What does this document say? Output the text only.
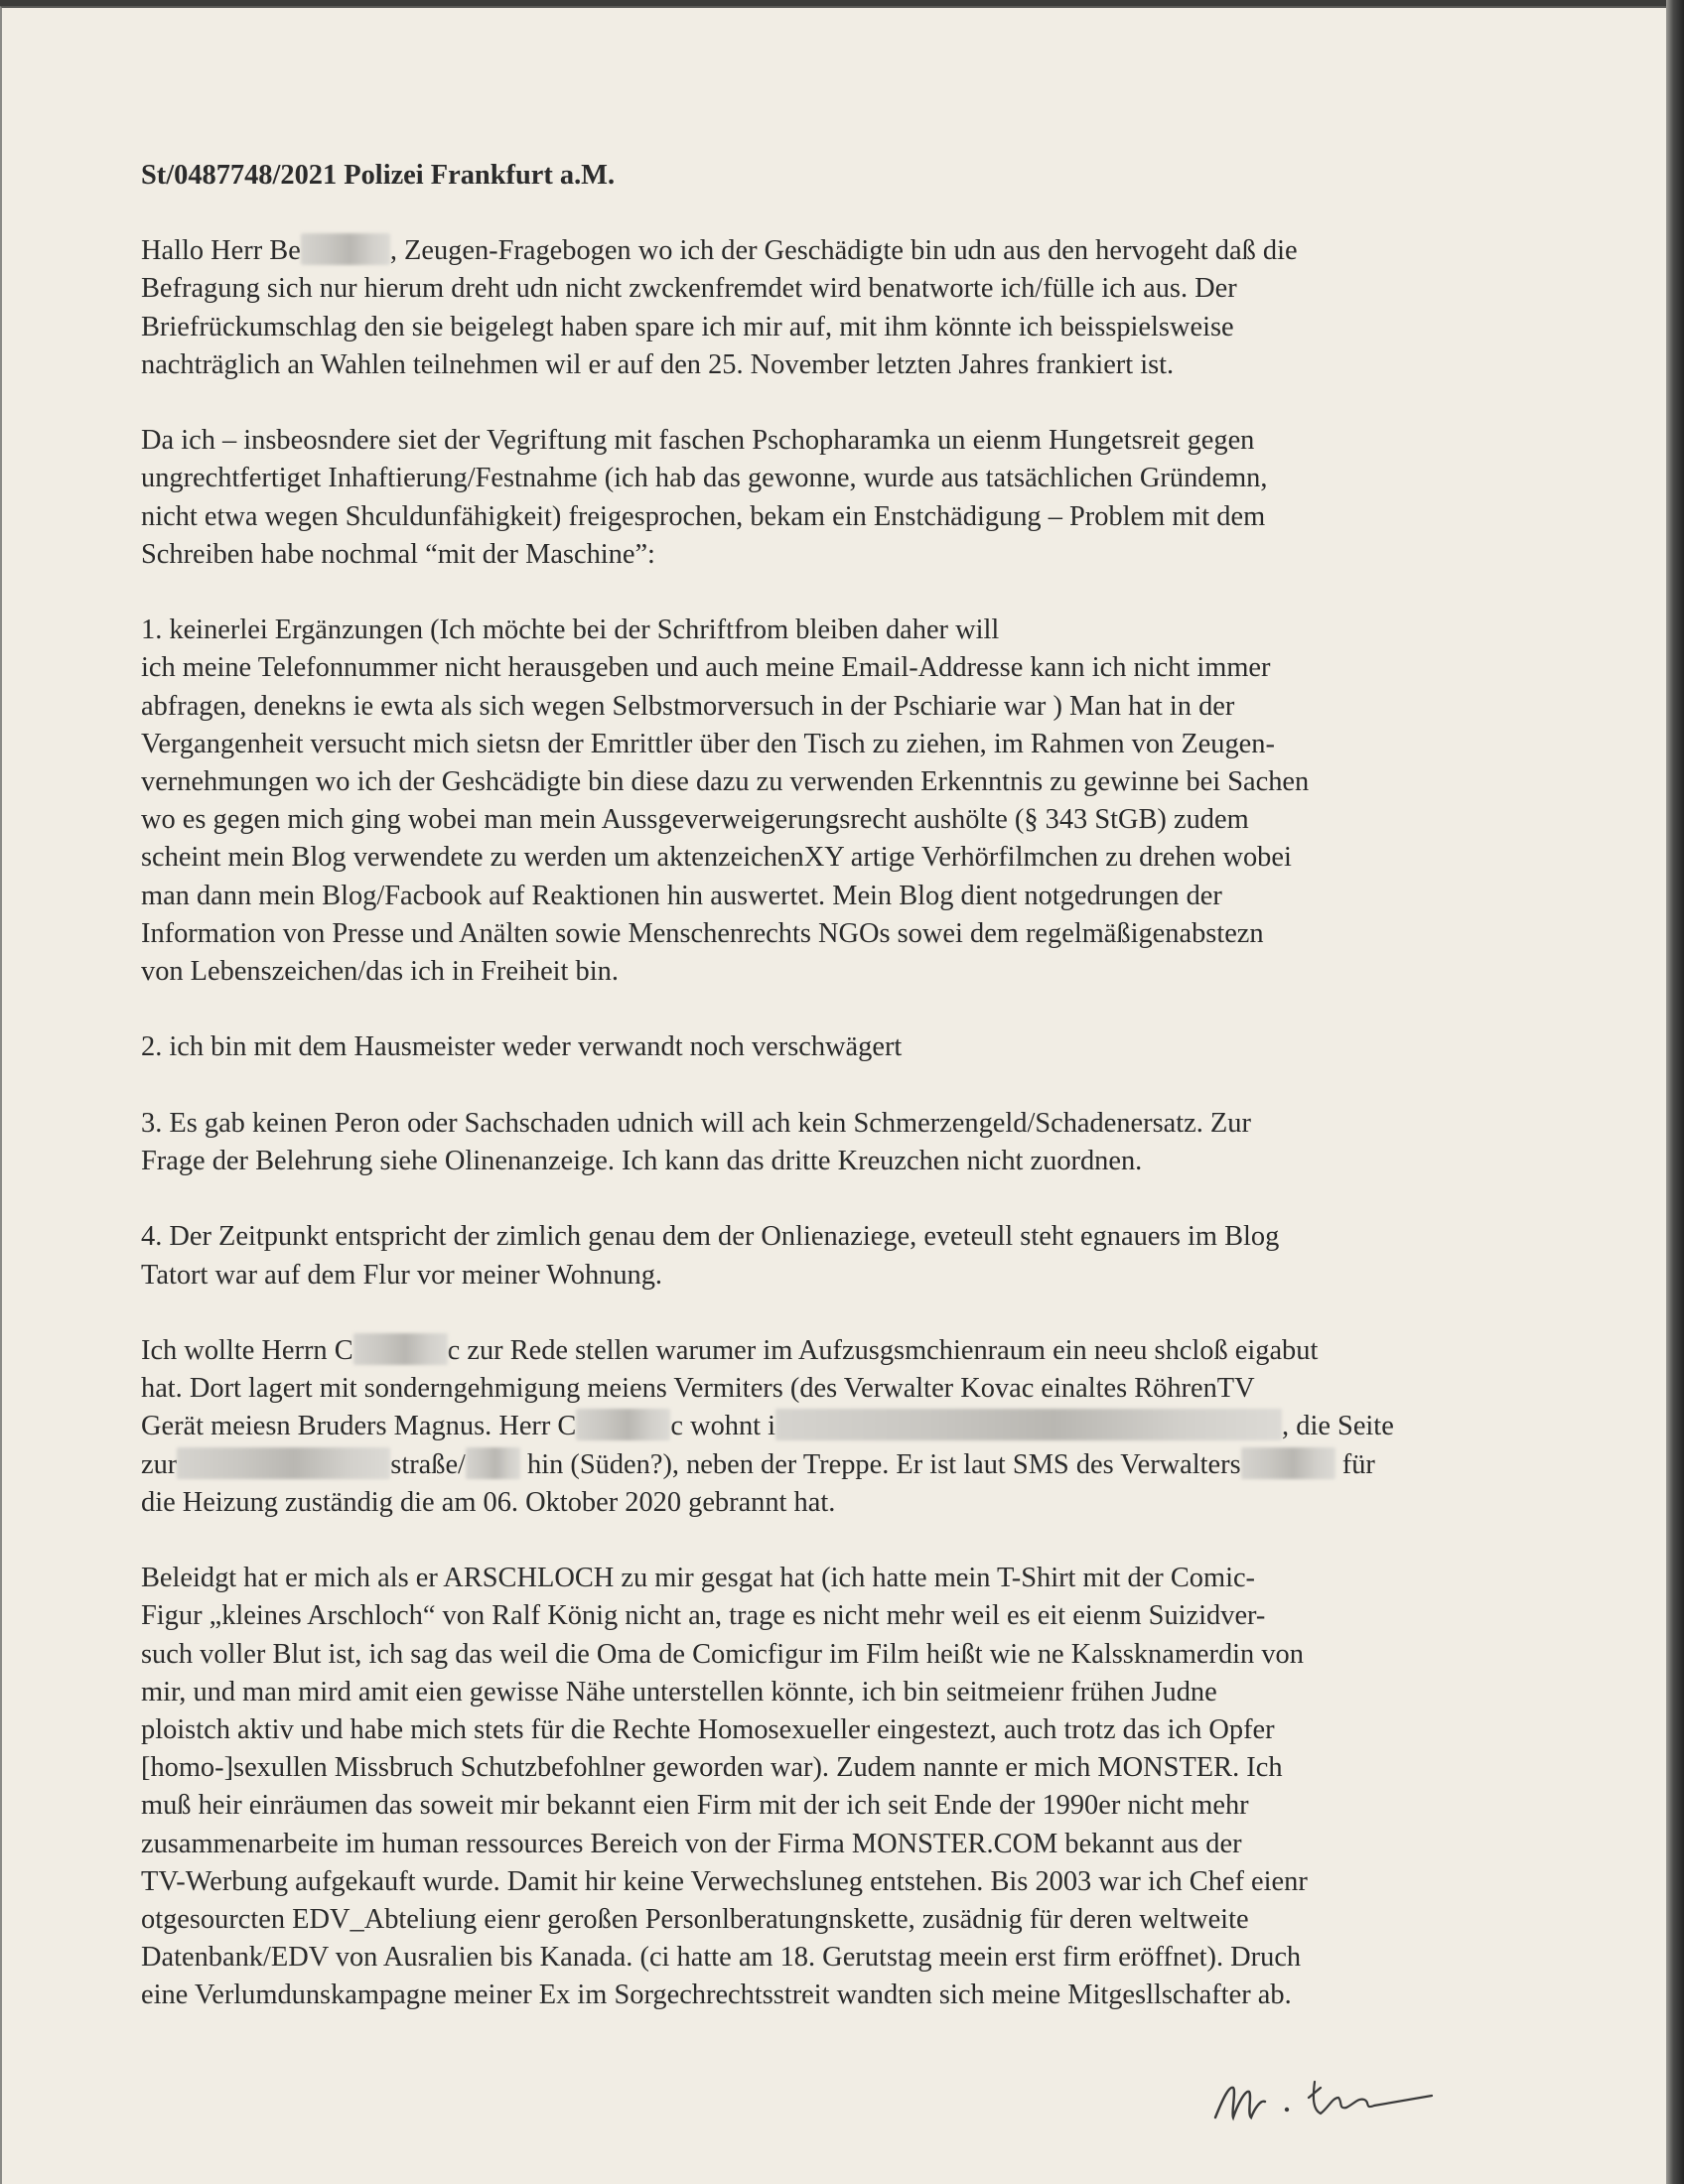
St/0487748/2021 Polizei Frankfurt a.M.
Hallo Herr Be	, Zeugen-Fragebogen wo ich der Geschädigte bin udn aus den hervogeht daß die
Befragung sich nur hierum dreht udn nicht zwckenfremdet wird benatworte ich/fülle ich aus. Der
Briefrückumschlag den sie beigelegt haben spare ich mir auf, mit ihm könnte ich beisspielsweise
nachträglich an Wahlen teilnehmen wil er auf den 25. November letzten Jahres frankiert ist.
Da ich – insbeosndere siet der Vegriftung mit faschen Pschopharamka un eienm Hungetsreit gegen
ungrechtfertiget Inhaftierung/Festnahme (ich hab das gewonne, wurde aus tatsächlichen Gründemn,
nicht etwa wegen Shculdunfähigkeit) freigesprochen, bekam ein Enstchädigung – Problem mit dem
Schreiben habe nochmal “mit der Maschine”:
1. keinerlei Ergänzungen (Ich möchte bei der Schriftfrom bleiben daher will
ich meine Telefonnummer nicht herausgeben und auch meine Email-Addresse kann ich nicht immer
abfragen, denekns ie ewta als sich wegen Selbstmorversuch in der Pschiarie war ) Man hat in der
Vergangenheit versucht mich sietsn der Emrittler über den Tisch zu ziehen, im Rahmen von Zeugen-
vernehmungen wo ich der Geshcädigte bin diese dazu zu verwenden Erkenntnis zu gewinne bei Sachen
wo es gegen mich ging wobei man mein Aussgeverweigerungsrecht aushölte (§ 343 StGB) zudem
scheint mein Blog verwendete zu werden um aktenzeichenXY artige Verhörfilmchen zu drehen wobei
man dann mein Blog/Facbook auf Reaktionen hin auswertet. Mein Blog dient notgedrungen der
Information von Presse und Anälten sowie Menschenrechts NGOs sowei dem regelmäßigenabstezn
von Lebenszeichen/das ich in Freiheit bin.
2. ich bin mit dem Hausmeister weder verwandt noch verschwägert
3. Es gab keinen Peron oder Sachschaden udnich will ach kein Schmerzengeld/Schadenersatz. Zur
Frage der Belehrung siehe Olinenanzeige. Ich kann das dritte Kreuzchen nicht zuordnen.
4. Der Zeitpunkt entspricht der zimlich genau dem der Onlienaziege, eveteull steht egnauers im Blog
Tatort war auf dem Flur vor meiner Wohnung.
Ich wollte Herrn C	c zur Rede stellen warumer im Aufzusgsmchienraum ein neeu shcloß eigabut
hat. Dort lagert mit sonderngehmigung meiens Vermiters (des Verwalter Kovac einaltes RöhrenTV
Gerät meiesn Bruders Magnus. Herr C	c wohnt i	, die Seite
zur	straße/ hin (Süden?), neben der Treppe. Er ist laut SMS des Verwalters	für
die Heizung zuständig die am 06. Oktober 2020 gebrannt hat.
Beleidgt hat er mich als er ARSCHLOCH zu mir gesgat hat (ich hatte mein T-Shirt mit der Comic-
Figur „kleines Arschloch“ von Ralf König nicht an, trage es nicht mehr weil es eit eienm Suizidver-
such voller Blut ist, ich sag das weil die Oma de Comicfigur im Film heißt wie ne Kalssknamerdin von
mir, und man mird amit eien gewisse Nähe unterstellen könnte, ich bin seitmeienr frühen Judne
ploistch aktiv und habe mich stets für die Rechte Homosexueller eingestezt, auch trotz das ich Opfer
[homo-]sexullen Missbruch Schutzbefohlner geworden war). Zudem nannte er mich MONSTER. Ich
muß heir einräumen das soweit mir bekannt eien Firm mit der ich seit Ende der 1990er nicht mehr
zusammenarbeite im human ressources Bereich von der Firma MONSTER.COM bekannt aus der
TV-Werbung aufgekauft wurde. Damit hir keine Verwechsluneg entstehen. Bis 2003 war ich Chef eienr
otgesourcten EDV_Abteliung eienr geroßen Personlberatungnskette, zusädnig für deren weltweite
Datenbank/EDV von Ausralien bis Kanada. (ci hatte am 18. Gerutstag meein erst firm eröffnet). Druch
eine Verlumdunskampagne meiner Ex im Sorgechrechtsstreit wandten sich meine Mitgesllschafter ab.
